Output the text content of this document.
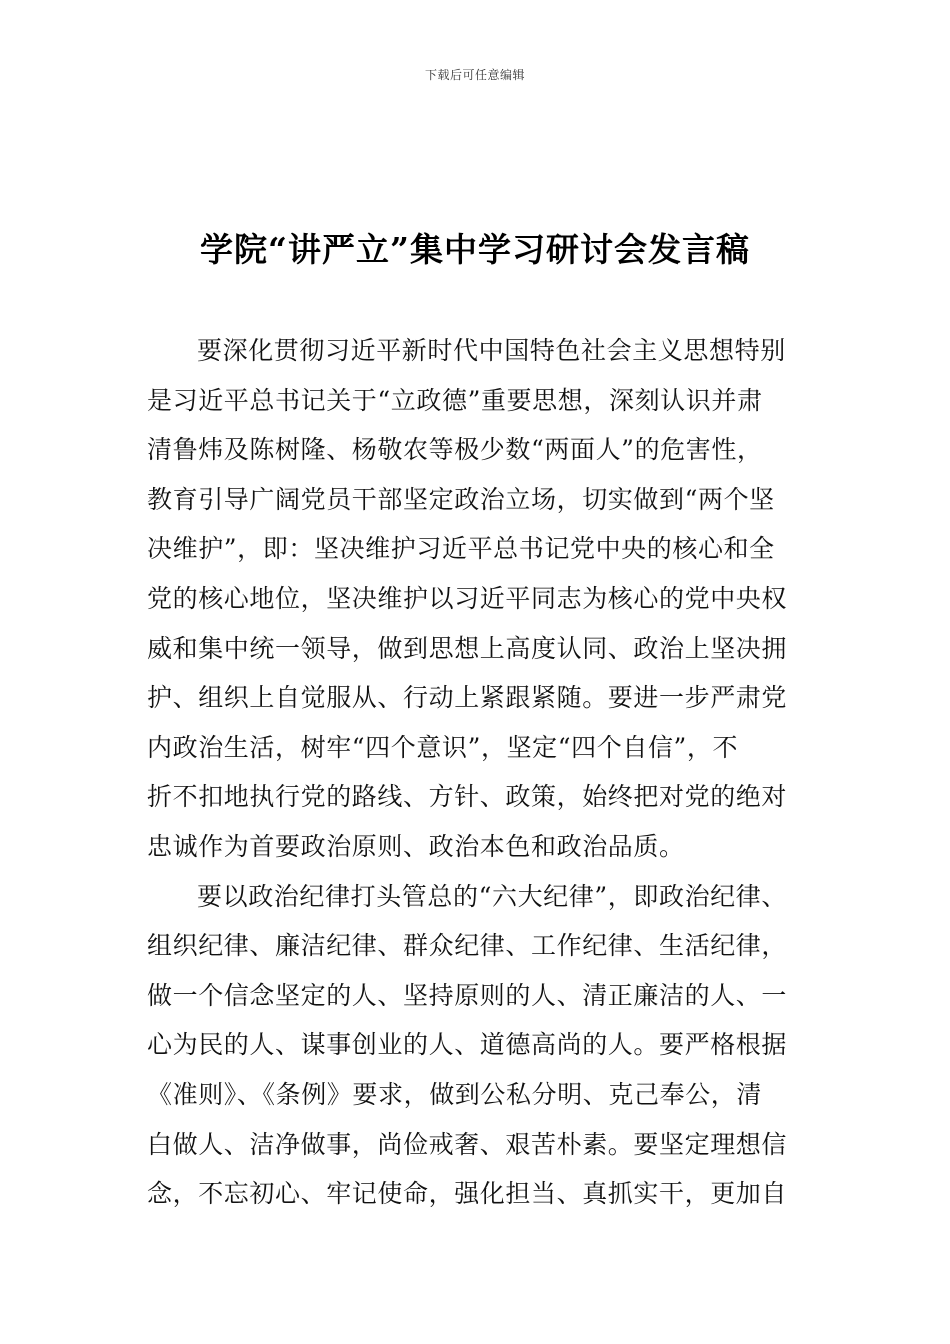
下载后可任意编辑
学院“讲严立”集中学习研讨会发言稿
要深化贯彻习近平新时代中国特色社会主义思想特别
是习近平总书记关于“立政德”重要思想，深刻认识并肃
清鲁炜及陈树隆、杨敬农等极少数“两面人”的危害性，
教育引导广阔党员干部坚定政治立场，切实做到“两个坚
决维护”，即：坚决维护习近平总书记党中央的核心和全
党的核心地位，坚决维护以习近平同志为核心的党中央权
威和集中统一领导，做到思想上高度认同、政治上坚决拥
护、组织上自觉服从、行动上紧跟紧随。要进一步严肃党
内政治生活，树牢“四个意识”，坚定“四个自信”，不
折不扣地执行党的路线、方针、政策，始终把对党的绝对
忠诚作为首要政治原则、政治本色和政治品质。
要以政治纪律打头管总的“六大纪律”，即政治纪律、
组织纪律、廉洁纪律、群众纪律、工作纪律、生活纪律，
做一个信念坚定的人、坚持原则的人、清正廉洁的人、一
心为民的人、谋事创业的人、道德高尚的人。要严格根据
《准则》、《条例》要求，做到公私分明、克己奉公，清
白做人、洁净做事，尚俭戒奢、艰苦朴素。要坚定理想信
念，不忘初心、牢记使命，强化担当、真抓实干，更加自
